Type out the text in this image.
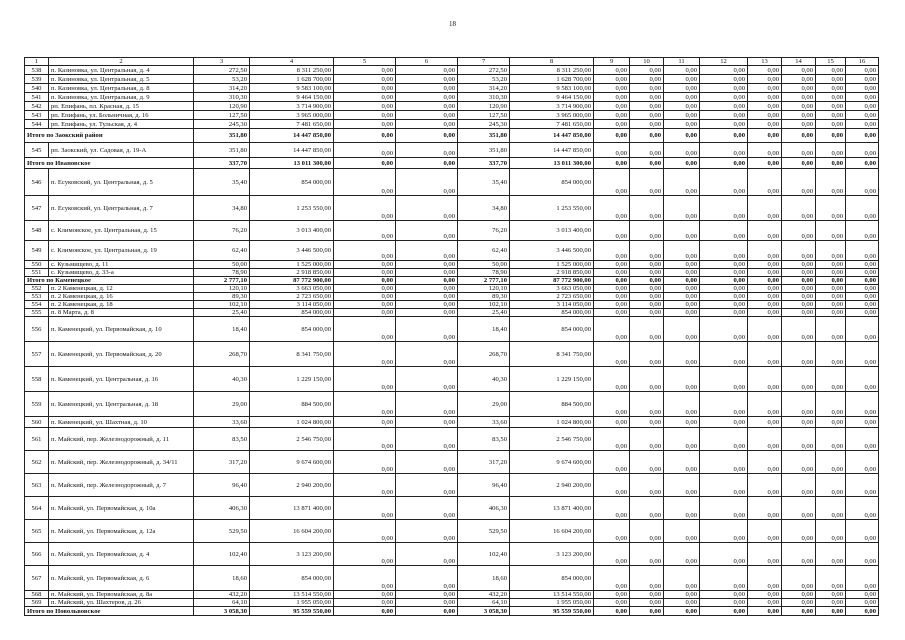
18
1	2	3	4	5	6	7	8	9	10	11	12	13	14	15	16
538	п. Казиновка, ул. Центральная, д. 4	272,50	8 311 250,00	0,00	0,00	272,50	8 311 250,00	0,00	0,00	0,00	0,00	0,00	0,00	0,00	0,00
539	п. Казиновка, ул. Центральная, д. 5	53,20	1 628 700,00	0,00	0,00	53,20	1 628 700,00	0,00	0,00	0,00	0,00	0,00	0,00	0,00	0,00
540	п. Казиновка, ул. Центральная, д. 8	314,20	9 583 100,00	0,00	0,00	314,20	9 583 100,00	0,00	0,00	0,00	0,00	0,00	0,00	0,00	0,00
541	п. Казиновка, ул. Центральная, д. 9	310,30	9 464 150,00	0,00	0,00	310,30	9 464 150,00	0,00	0,00	0,00	0,00	0,00	0,00	0,00	0,00
542	рп. Епифань, пл. Красная, д. 15	120,90	3 714 900,00	0,00	0,00	120,90	3 714 900,00	0,00	0,00	0,00	0,00	0,00	0,00	0,00	0,00
543	рп. Епифань, ул. Больничная, д. 16	127,50	3 965 000,00	0,00	0,00	127,50	3 965 000,00	0,00	0,00	0,00	0,00	0,00	0,00	0,00	0,00
544	рп. Епифань, ул. Тульская, д. 4	245,30	7 481 650,00	0,00	0,00	245,30	7 481 650,00	0,00	0,00	0,00	0,00	0,00	0,00	0,00	0,00
Итого по Заокский район		351,80	14 447 850,00	0,00	0,00	351,80	14 447 850,00	0,00	0,00	0,00	0,00	0,00	0,00	0,00	0,00
545	рп. Заокский, ул. Садовая, д. 19-А	351,80	14 447 850,00	0,00	0,00	351,80	14 447 850,00	0,00	0,00	0,00	0,00	0,00	0,00	0,00	0,00
Итого по Ивановское		337,70	13 011 300,00	0,00	0,00	337,70	13 011 300,00	0,00	0,00	0,00	0,00	0,00	0,00	0,00	0,00
546	п. Есуковский, ул. Центральная, д. 5	35,40	854 000,00	0,00	0,00	35,40	854 000,00	0,00	0,00	0,00	0,00	0,00	0,00	0,00	0,00
547	п. Есуковский, ул. Центральная, д. 7	34,80	1 253 550,00	0,00	0,00	34,80	1 253 550,00	0,00	0,00	0,00	0,00	0,00	0,00	0,00	0,00
548	с. Климовское, ул. Центральная, д. 15	76,20	3 013 400,00	0,00	0,00	76,20	3 013 400,00	0,00	0,00	0,00	0,00	0,00	0,00	0,00	0,00
549	с. Климовское, ул. Центральная, д. 19	62,40	3 446 500,00	0,00	0,00	62,40	3 446 500,00	0,00	0,00	0,00	0,00	0,00	0,00	0,00	0,00
550	с. Кузьмищево, д. 11	50,00	1 525 000,00	0,00	0,00	50,00	1 525 000,00	0,00	0,00	0,00	0,00	0,00	0,00	0,00	0,00
551	с. Кузьмищево, д. 33-а	78,90	2 918 850,00	0,00	0,00	78,90	2 918 850,00	0,00	0,00	0,00	0,00	0,00	0,00	0,00	0,00
Итого по Каменецкое		2 777,10	87 772 900,00	0,00	0,00	2 777,10	87 772 900,00	0,00	0,00	0,00	0,00	0,00	0,00	0,00	0,00
552	п. 2 Каменецкая, д. 12	120,10	3 663 050,00	0,00	0,00	120,10	3 663 050,00	0,00	0,00	0,00	0,00	0,00	0,00	0,00	0,00
553	п. 2 Каменецкая, д. 16	89,30	2 723 650,00	0,00	0,00	89,30	2 723 650,00	0,00	0,00	0,00	0,00	0,00	0,00	0,00	0,00
554	п. 2 Каменецкая, д. 18	102,10	3 114 050,00	0,00	0,00	102,10	3 114 050,00	0,00	0,00	0,00	0,00	0,00	0,00	0,00	0,00
555	п. 8 Марта, д. 8	25,40	854 000,00	0,00	0,00	25,40	854 000,00	0,00	0,00	0,00	0,00	0,00	0,00	0,00	0,00
556	п. Каменецкий, ул. Первомайская, д. 10	18,40	854 000,00	0,00	0,00	18,40	854 000,00	0,00	0,00	0,00	0,00	0,00	0,00	0,00	0,00
557	п. Каменецкий, ул. Первомайская, д. 20	268,70	8 341 750,00	0,00	0,00	268,70	8 341 750,00	0,00	0,00	0,00	0,00	0,00	0,00	0,00	0,00
558	п. Каменецкий, ул. Центральная, д. 16	40,30	1 229 150,00	0,00	0,00	40,30	1 229 150,00	0,00	0,00	0,00	0,00	0,00	0,00	0,00	0,00
559	п. Каменецкий, ул. Центральная, д. 18	29,00	884 500,00	0,00	0,00	29,00	884 500,00	0,00	0,00	0,00	0,00	0,00	0,00	0,00	0,00
560	п. Каменецкий, ул. Шахтная, д. 10	33,60	1 024 800,00	0,00	0,00	33,60	1 024 800,00	0,00	0,00	0,00	0,00	0,00	0,00	0,00	0,00
561	п. Майский, пер. Железнодорожный, д. 11	83,50	2 546 750,00	0,00	0,00	83,50	2 546 750,00	0,00	0,00	0,00	0,00	0,00	0,00	0,00	0,00
562	п. Майский, пер. Железнодорожный, д. 34/11	317,20	9 674 600,00	0,00	0,00	317,20	9 674 600,00	0,00	0,00	0,00	0,00	0,00	0,00	0,00	0,00
563	п. Майский, пер. Железнодорожный, д. 7	96,40	2 940 200,00	0,00	0,00	96,40	2 940 200,00	0,00	0,00	0,00	0,00	0,00	0,00	0,00	0,00
564	п. Майский, ул. Первомайская, д. 10а	406,30	13 871 400,00	0,00	0,00	406,30	13 871 400,00	0,00	0,00	0,00	0,00	0,00	0,00	0,00	0,00
565	п. Майский, ул. Первомайская, д. 12а	529,50	16 604 200,00	0,00	0,00	529,50	16 604 200,00	0,00	0,00	0,00	0,00	0,00	0,00	0,00	0,00
566	п. Майский, ул. Первомайская, д. 4	102,40	3 123 200,00	0,00	0,00	102,40	3 123 200,00	0,00	0,00	0,00	0,00	0,00	0,00	0,00	0,00
567	п. Майский, ул. Первомайская, д. 6	18,60	854 000,00	0,00	0,00	18,60	854 000,00	0,00	0,00	0,00	0,00	0,00	0,00	0,00	0,00
568	п. Майский, ул. Первомайская, д. 8а	432,20	13 514 550,00	0,00	0,00	432,20	13 514 550,00	0,00	0,00	0,00	0,00	0,00	0,00	0,00	0,00
569	п. Майский, ул. Шахтеров, д. 26	64,10	1 955 050,00	0,00	0,00	64,10	1 955 050,00	0,00	0,00	0,00	0,00	0,00	0,00	0,00	0,00
Итого по Новольвовское		3 058,30	95 559 550,00	0,00	0,00	3 058,30	95 559 550,00	0,00	0,00	0,00	0,00	0,00	0,00	0,00	0,00
